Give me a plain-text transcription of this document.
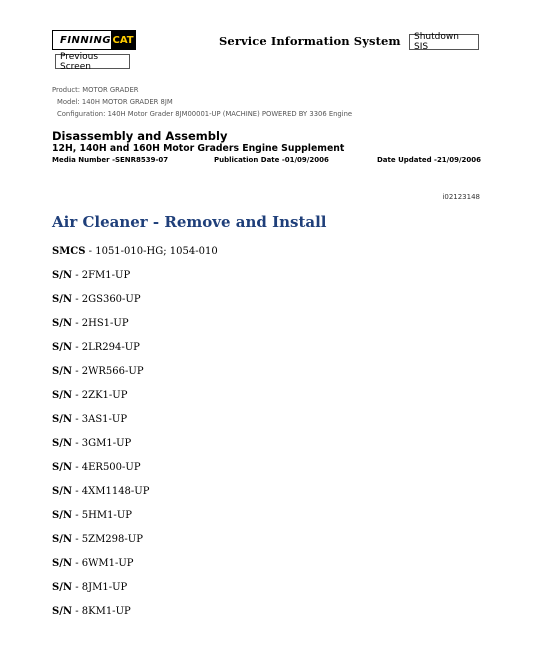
FINNING CAT	Service Information System	Shutdown SIS
Previous Screen
Product: MOTOR GRADER
Model: 140H MOTOR GRADER 8JM
Configuration: 140H Motor Grader 8JM00001-UP (MACHINE) POWERED BY 3306 Engine
Disassembly and Assembly
12H, 140H and 160H Motor Graders Engine Supplement
Media Number -SENR8539-07	Publication Date -01/09/2006	Date Updated -21/09/2006
i02123148
Air Cleaner - Remove and Install
SMCS - 1051-010-HG; 1054-010
S/N - 2FM1-UP
S/N - 2GS360-UP
S/N - 2HS1-UP
S/N - 2LR294-UP
S/N - 2WR566-UP
S/N - 2ZK1-UP
S/N - 3AS1-UP
S/N - 3GM1-UP
S/N - 4ER500-UP
S/N - 4XM1148-UP
S/N - 5HM1-UP
S/N - 5ZM298-UP
S/N - 6WM1-UP
S/N - 8JM1-UP
S/N - 8KM1-UP
